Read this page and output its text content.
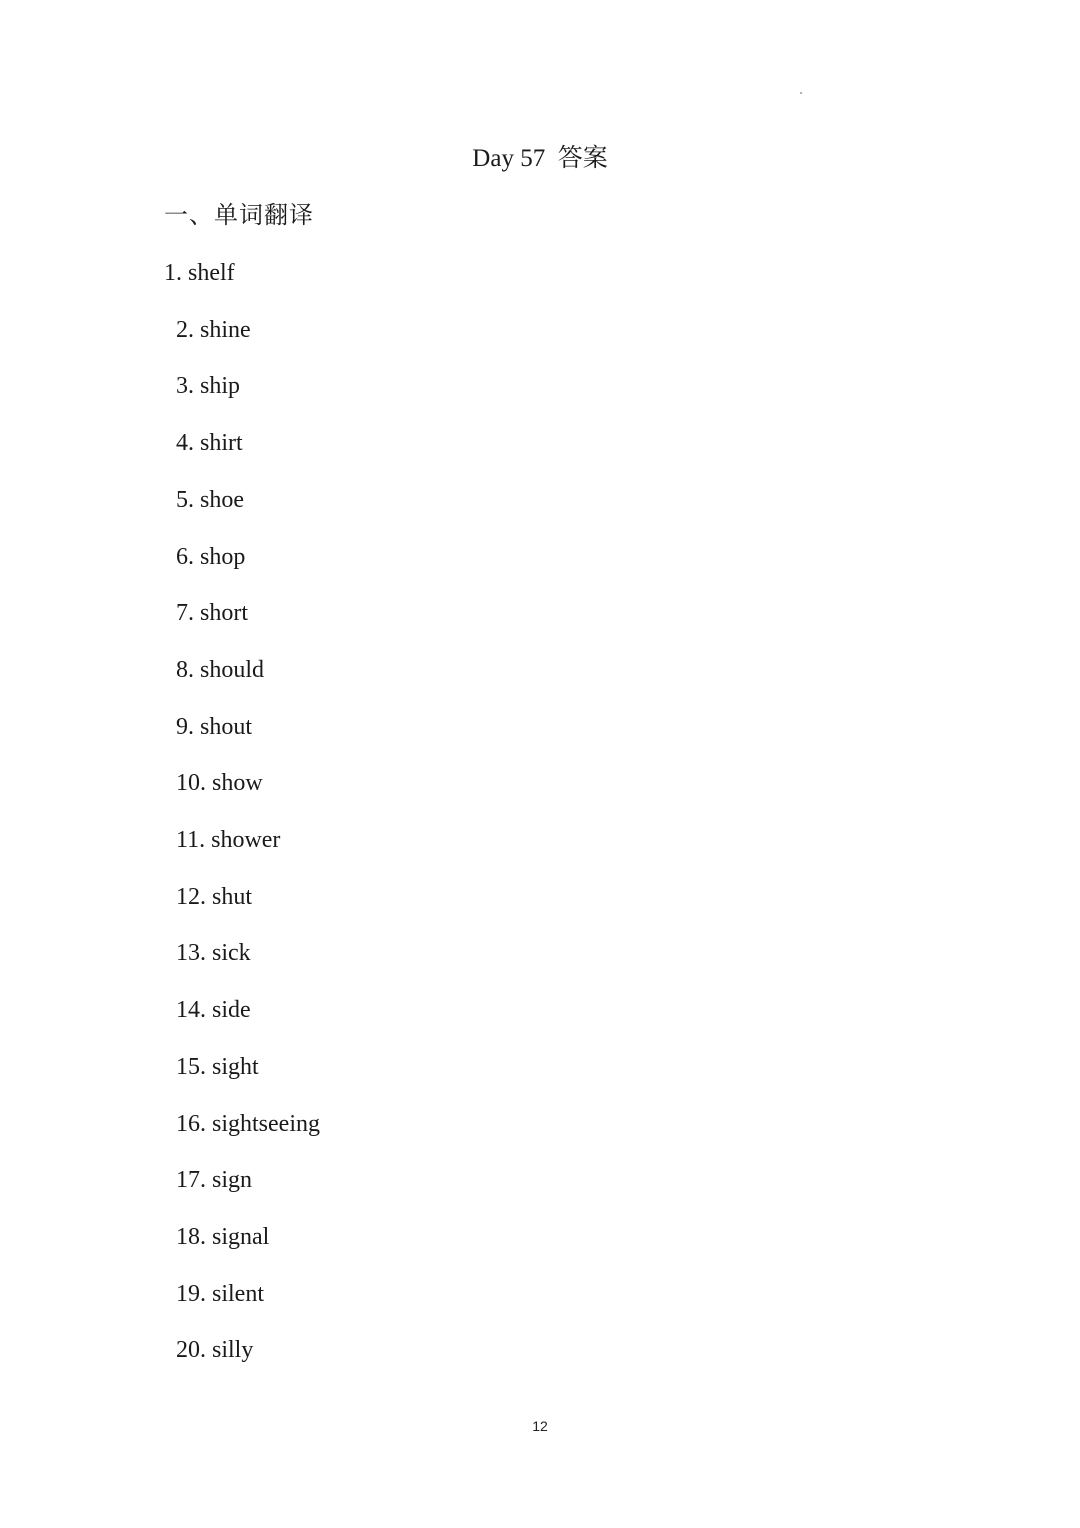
Day 57  答案
一、单词翻译
1. shelf
2. shine
3. ship
4. shirt
5. shoe
6. shop
7. short
8. should
9. shout
10. show
11. shower
12. shut
13. sick
14. side
15. sight
16. sightseeing
17. sign
18. signal
19. silent
20. silly
12
